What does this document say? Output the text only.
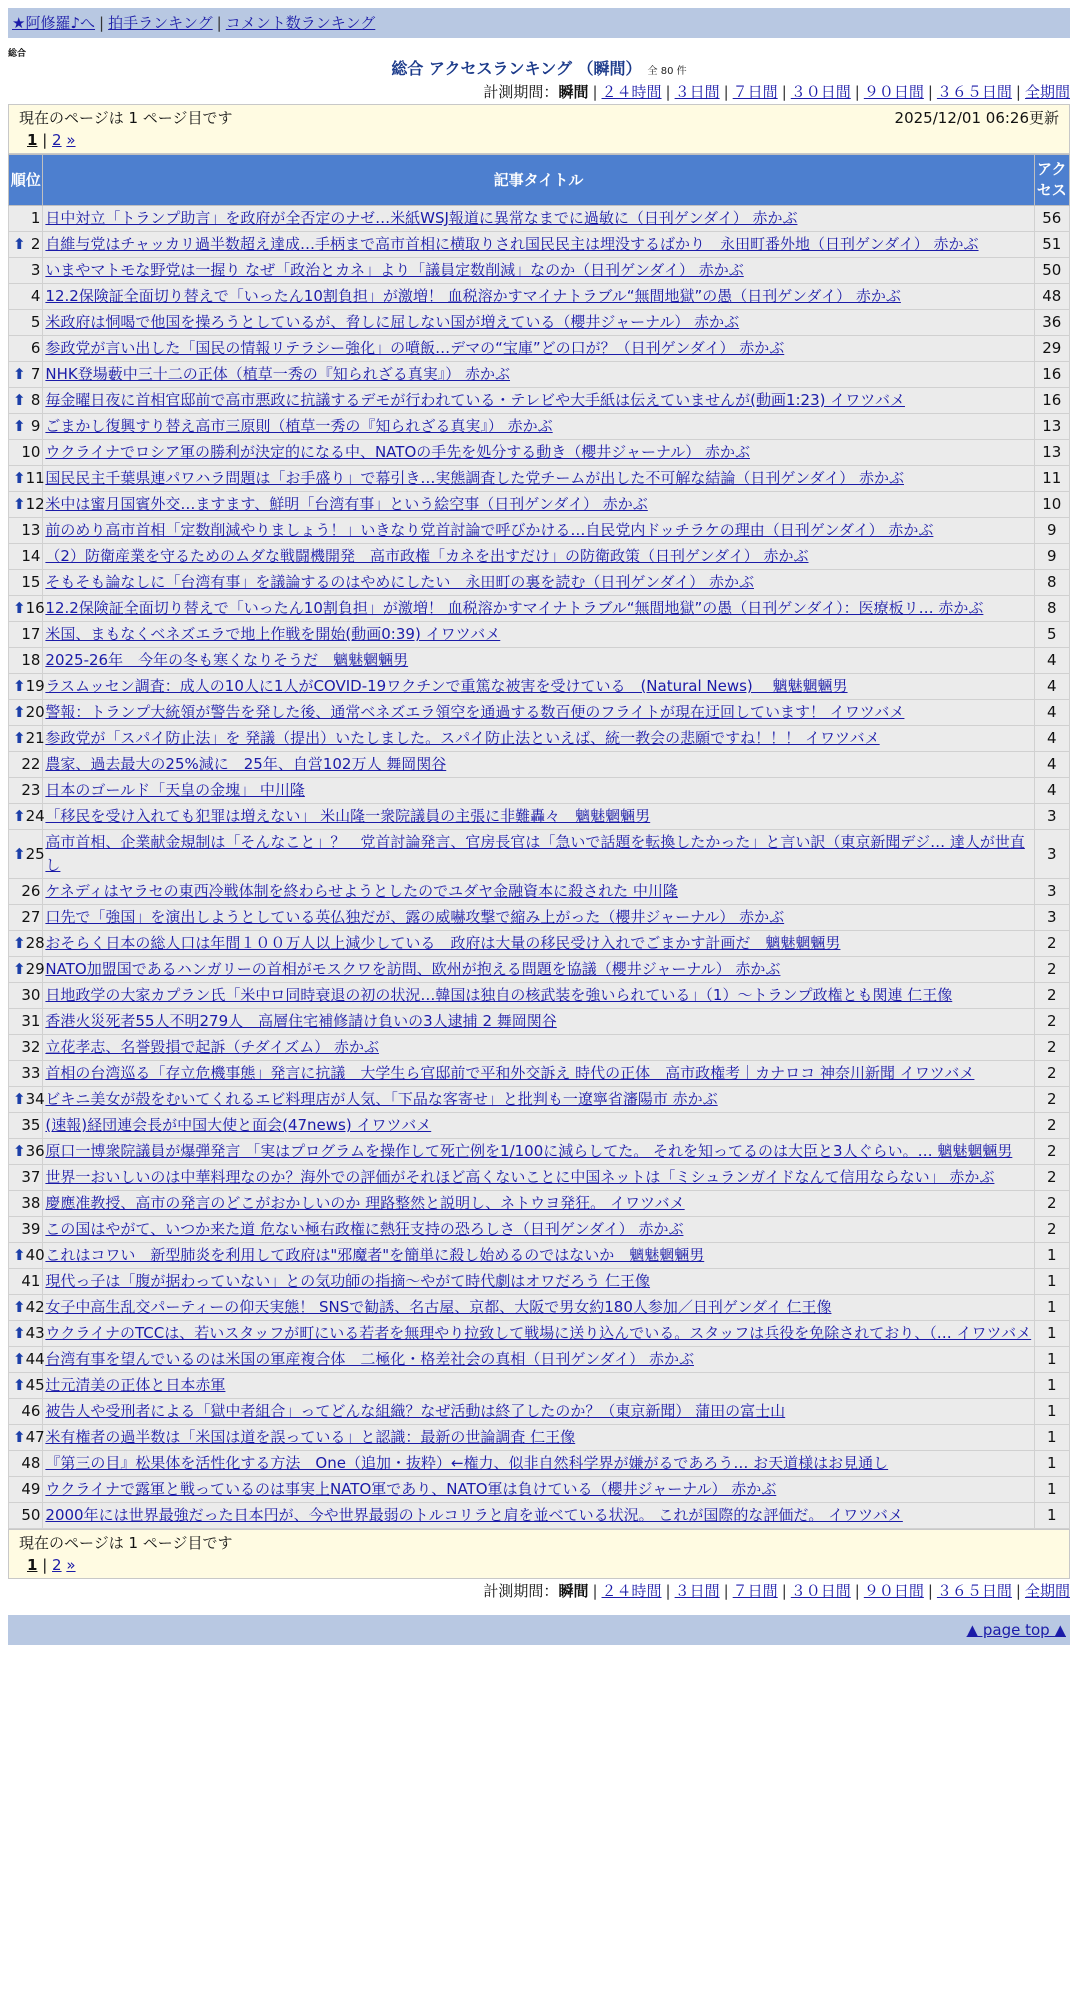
★阿修羅♪へ | 拍手ランキング | コメント数ランキング
総合
総合 アクセスランキング （瞬間） 全 80 件
計測期間：瞬間 | ２４時間 | ３日間 | ７日間 | ３０日間 | ９０日間 | ３６５日間 | 全期間
現在のページは 1 ページ目です	2025/12/01 06:26更新
1 | 2 »
順位	記事タイトル	アクセス
1	日中対立「トランプ助言」を政府が全否定のナゼ…米紙WSJ報道に異常なまでに過敏に（日刊ゲンダイ） 赤かぶ	56

⬆ 2	自維与党はチャッカリ過半数超え達成…手柄まで高市首相に横取りされ国民民主は埋没するばかり　永田町番外地（日刊ゲンダイ） 赤かぶ	51
3	いまやマトモな野党は一握り なぜ「政治とカネ」より「議員定数削減」なのか（日刊ゲンダイ） 赤かぶ	50
4	12.2保険証全面切り替えで「いったん10割負担」が激増！ 血税溶かすマイナトラブル“無間地獄”の愚（日刊ゲンダイ） 赤かぶ	48
5	米政府は恫喝で他国を操ろうとしているが、脅しに屈しない国が増えている（櫻井ジャーナル） 赤かぶ	36
6	参政党が言い出した「国民の情報リテラシー強化」の噴飯…デマの“宝庫”どの口が？（日刊ゲンダイ） 赤かぶ	29

⬆ 7	NHK登場藪中三十二の正体（植草一秀の『知られざる真実』） 赤かぶ	16

⬆ 8	毎金曜日夜に首相官邸前で高市悪政に抗議するデモが行われている・テレビや大手紙は伝えていませんが(動画1:23) イワツバメ	16

⬆ 9	ごまかし復興すり替え高市三原則（植草一秀の『知られざる真実』） 赤かぶ	13
10	ウクライナでロシア軍の勝利が決定的になる中、NATOの手先を処分する動き（櫻井ジャーナル） 赤かぶ	13

⬆ 11	国民民主千葉県連パワハラ問題は「お手盛り」で幕引き…実態調査した党チームが出した不可解な結論（日刊ゲンダイ） 赤かぶ	11

⬆ 12	米中は蜜月国賓外交…ますます、鮮明「台湾有事」という絵空事（日刊ゲンダイ） 赤かぶ	10
13	前のめり高市首相「定数削減やりましょう！」いきなり党首討論で呼びかける…自民党内ドッチラケの理由（日刊ゲンダイ） 赤かぶ	9
14	（2）防衛産業を守るためのムダな戦闘機開発　高市政権「カネを出すだけ」の防衛政策（日刊ゲンダイ） 赤かぶ	9
15	そもそも論なしに「台湾有事」を議論するのはやめにしたい　永田町の裏を読む（日刊ゲンダイ） 赤かぶ	8

⬆ 16	12.2保険証全面切り替えで「いったん10割負担」が激増！ 血税溶かすマイナトラブル“無間地獄”の愚（日刊ゲンダイ）：医療板リ… 赤かぶ	8
17	米国、まもなくベネズエラで地上作戦を開始(動画0:39) イワツバメ	5
18	2025-26年　今年の冬も寒くなりそうだ　魑魅魍魎男	4

⬆ 19	ラスムッセン調査：成人の10人に1人がCOVID-19ワクチンで重篤な被害を受けている　(Natural News)　 魑魅魍魎男	4

⬆ 20	警報：トランプ大統領が警告を発した後、通常ベネズエラ領空を通過する数百便のフライトが現在迂回しています！ イワツバメ	4

⬆ 21	参政党が「スパイ防止法」を 発議（提出）いたしました。スパイ防止法といえば、統一教会の悲願ですね！！！ イワツバメ	4
22	農家、過去最大の25%減に　25年、自営102万人 舞岡関谷	4
23	日本のゴールド「天皇の金塊」 中川隆	4

⬆ 24	「移民を受け入れても犯罪は増えない」 米山隆一衆院議員の主張に非難轟々　魑魅魍魎男	3

⬆ 25	高市首相、企業献金規制は「そんなこと」？　党首討論発言、官房長官は「急いで話題を転換したかった」と言い訳（東京新聞デジ… 達人が世直し	3
26	ケネディはヤラセの東西冷戦体制を終わらせようとしたのでユダヤ金融資本に殺された 中川隆	3
27	口先で「強国」を演出しようとしている英仏独だが、露の威嚇攻撃で縮み上がった（櫻井ジャーナル） 赤かぶ	3

⬆ 28	おそらく日本の総人口は年間１００万人以上減少している　政府は大量の移民受け入れでごまかす計画だ　魑魅魍魎男	2

⬆ 29	NATO加盟国であるハンガリーの首相がモスクワを訪問、欧州が抱える問題を協議（櫻井ジャーナル） 赤かぶ	2
30	日地政学の大家カプラン氏「米中ロ同時衰退の初の状況…韓国は独自の核武装を強いられている」（1）～トランプ政権とも関連 仁王像	2
31	香港火災死者55人不明279人　高層住宅補修請け負いの3人逮捕 2 舞岡関谷	2
32	立花孝志、名誉毀損で起訴（チダイズム） 赤かぶ	2
33	首相の台湾巡る「存立危機事態」発言に抗議　大学生ら官邸前で平和外交訴え 時代の正体　高市政権考｜カナロコ 神奈川新聞 イワツバメ	2

⬆ 34	ビキニ美女が殻をむいてくれるエビ料理店が人気、「下品な客寄せ」と批判も一遼寧省瀋陽市 赤かぶ	2
35	(速報)経団連会長が中国大使と面会(47news) イワツバメ	2

⬆ 36	原口一博衆院議員が爆弾発言 「実はプログラムを操作して死亡例を1/100に減らしてた。 それを知ってるのは大臣と3人ぐらい。… 魑魅魍魎男	2
37	世界一おいしいのは中華料理なのか？海外での評価がそれほど高くないことに中国ネットは「ミシュランガイドなんて信用ならない」 赤かぶ	2
38	慶應准教授、高市の発言のどこがおかしいのか 理路整然と説明し、ネトウヨ発狂。 イワツバメ	2
39	この国はやがて、いつか来た道 危ない極右政権に熱狂支持の恐ろしさ（日刊ゲンダイ） 赤かぶ	2

⬆ 40	これはコワい　新型肺炎を利用して政府は"邪魔者"を簡単に殺し始めるのではないか　魑魅魍魎男	1
41	現代っ子は「腹が据わっていない」との気功師の指摘～やがて時代劇はオワだろう 仁王像	1

⬆ 42	女子中高生乱交パーティーの仰天実態！ SNSで勧誘、名古屋、京都、大阪で男女約180人参加／日刊ゲンダイ 仁王像	1

⬆ 43	ウクライナのTCCは、若いスタッフが町にいる若者を無理やり拉致して戦場に送り込んでいる。スタッフは兵役を免除されており、（… イワツバメ	1

⬆ 44	台湾有事を望んでいるのは米国の軍産複合体　二極化・格差社会の真相（日刊ゲンダイ） 赤かぶ	1

⬆ 45	辻元清美の正体と日本赤軍	1
46	被告人や受刑者による「獄中者組合」ってどんな組織？なぜ活動は終了したのか？（東京新聞） 蒲田の富士山	1

⬆ 47	米有権者の過半数は「米国は道を誤っている」と認識：最新の世論調査 仁王像	1
48	『第三の目』松果体を活性化する方法　One（追加・抜粋）←権力、似非自然科学界が嫌がるであろう… お天道様はお見通し	1
49	ウクライナで露軍と戦っているのは事実上NATO軍であり、NATO軍は負けている（櫻井ジャーナル） 赤かぶ	1
50	2000年には世界最強だった日本円が、今や世界最弱のトルコリラと肩を並べている状況。 これが国際的な評価だ。 イワツバメ	1
現在のページは 1 ページ目です
1 | 2 »
計測期間：瞬間 | ２４時間 | ３日間 | ７日間 | ３０日間 | ９０日間 | ３６５日間 | 全期間
▲ page top ▲
